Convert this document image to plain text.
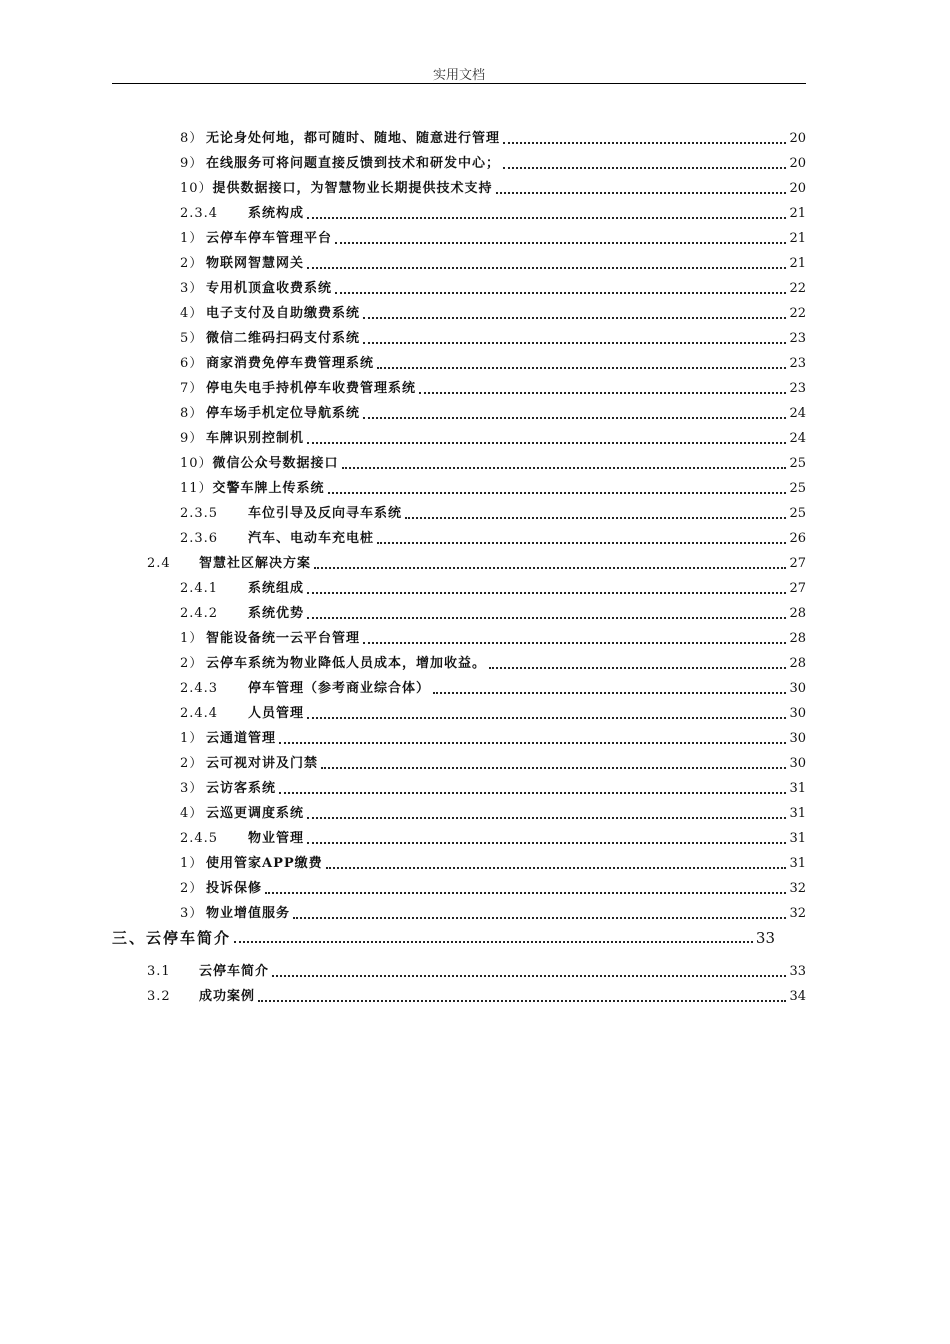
实用文档
8） 无论身处何地，都可随时、随地、随意进行管理	20
9） 在线服务可将问题直接反馈到技术和研发中心；	20
10） 提供数据接口，为智慧物业长期提供技术支持	20
2.3.4	系统构成	21
1） 云停车停车管理平台	21
2） 物联网智慧网关	21
3） 专用机顶盒收费系统	22
4） 电子支付及自助缴费系统	22
5） 微信二维码扫码支付系统	23
6） 商家消费免停车费管理系统	23
7） 停电失电手持机停车收费管理系统	23
8） 停车场手机定位导航系统	24
9） 车牌识别控制机	24
10） 微信公众号数据接口	25
11） 交警车牌上传系统	25
2.3.5	车位引导及反向寻车系统	25
2.3.6	汽车、电动车充电桩	26
2.4	智慧社区解决方案	27
2.4.1	系统组成	27
2.4.2	系统优势	28
1） 智能设备统一云平台管理	28
2） 云停车系统为物业降低人员成本，增加收益。	28
2.4.3	停车管理（参考商业综合体）	30
2.4.4	人员管理	30
1） 云通道管理	30
2） 云可视对讲及门禁	30
3） 云访客系统	31
4） 云巡更调度系统	31
2.4.5	物业管理	31
1） 使用管家APP缴费	31
2） 投诉保修	32
3） 物业增值服务	32
三、云停车简介	33
3.1	云停车简介	33
3.2	成功案例	34
